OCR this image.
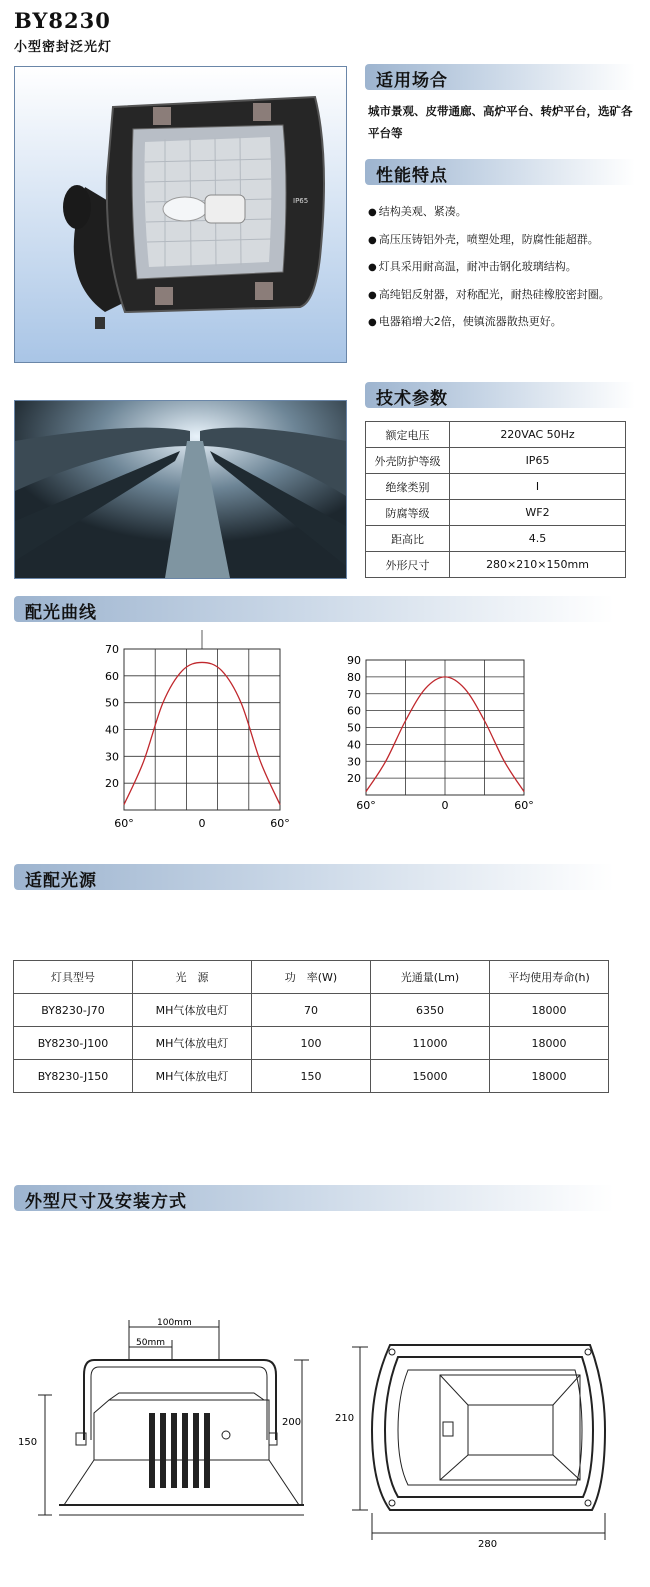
BY8230
小型密封泛光灯
IP65
适用场合
城市景观、皮带通廊、高炉平台、转炉平台，选矿各平台等
性能特点
● 结构美观、紧凑。
● 高压压铸铝外壳，喷塑处理，防腐性能超群。
● 灯具采用耐高温，耐冲击钢化玻璃结构。
● 高纯铝反射器，对称配光，耐热硅橡胶密封圈。
● 电器箱增大2倍，使镇流器散热更好。
技术参数
额定电压	220VAC 50Hz
外壳防护等级	IP65
绝缘类别	I
防腐等级	WF2
距高比	4.5
外形尺寸	280×210×150mm
配光曲线
20
30
40
50
60
70
60°	0	60°
20
30
40
50
60
70
80
90
60°	0	60°
适配光源
灯具型号	光　源	功　率(W)	光通量(Lm)	平均使用寿命(h)
BY8230-J70	MH气体放电灯	70	6350	18000
BY8230-J100	MH气体放电灯	100	11000	18000
BY8230-J150	MH气体放电灯	150	15000	18000
外型尺寸及安装方式
100mm
50mm
150
200	210
280
